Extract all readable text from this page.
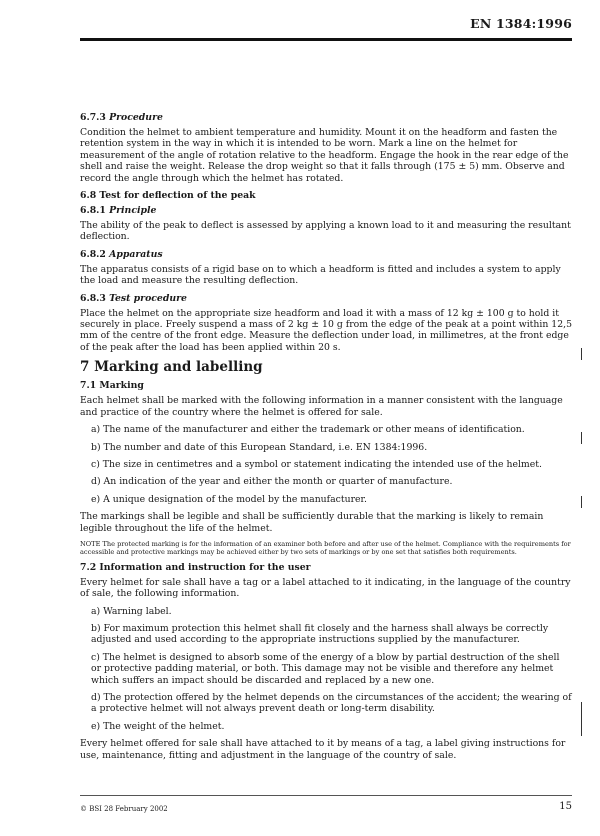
EN 1384:1996
6.7.3 Procedure
Condition the helmet to ambient temperature and humidity. Mount it on the headform and fasten the retention system in the way in which it is intended to be worn. Mark a line on the helmet for measurement of the angle of rotation relative to the headform. Engage the hook in the rear edge of the shell and raise the weight. Release the drop weight so that it falls through (175 ± 5) mm. Observe and record the angle through which the helmet has rotated.
6.8 Test for deflection of the peak
6.8.1 Principle
The ability of the peak to deflect is assessed by applying a known load to it and measuring the resultant deflection.
6.8.2 Apparatus
The apparatus consists of a rigid base on to which a headform is fitted and includes a system to apply the load and measure the resulting deflection.
6.8.3 Test procedure
Place the helmet on the appropriate size headform and load it with a mass of 12 kg ± 100 g to hold it securely in place. Freely suspend a mass of 2 kg ± 10 g from the edge of the peak at a point within 12,5 mm of the centre of the front edge. Measure the deflection under load, in millimetres, at the front edge of the peak after the load has been applied within 20 s.
7 Marking and labelling
7.1 Marking
Each helmet shall be marked with the following information in a manner consistent with the language and practice of the country where the helmet is offered for sale.
a) The name of the manufacturer and either the trademark or other means of identification.
b) The number and date of this European Standard, i.e. EN 1384:1996.
c) The size in centimetres and a symbol or statement indicating the intended use of the helmet.
d) An indication of the year and either the month or quarter of manufacture.
e) A unique designation of the model by the manufacturer.
The markings shall be legible and shall be sufficiently durable that the marking is likely to remain legible throughout the life of the helmet.
NOTE The protected marking is for the information of an examiner both before and after use of the helmet. Compliance with the requirements for accessible and protective markings may be achieved either by two sets of markings or by one set that satisfies both requirements.
7.2 Information and instruction for the user
Every helmet for sale shall have a tag or a label attached to it indicating, in the language of the country of sale, the following information.
a) Warning label.
b) For maximum protection this helmet shall fit closely and the harness shall always be correctly adjusted and used according to the appropriate instructions supplied by the manufacturer.
c) The helmet is designed to absorb some of the energy of a blow by partial destruction of the shell or protective padding material, or both. This damage may not be visible and therefore any helmet which suffers an impact should be discarded and replaced by a new one.
d) The protection offered by the helmet depends on the circumstances of the accident; the wearing of a protective helmet will not always prevent death or long-term disability.
e) The weight of the helmet.
Every helmet offered for sale shall have attached to it by means of a tag, a label giving instructions for use, maintenance, fitting and adjustment in the language of the country of sale.
© BSI 28 February 2002	15
